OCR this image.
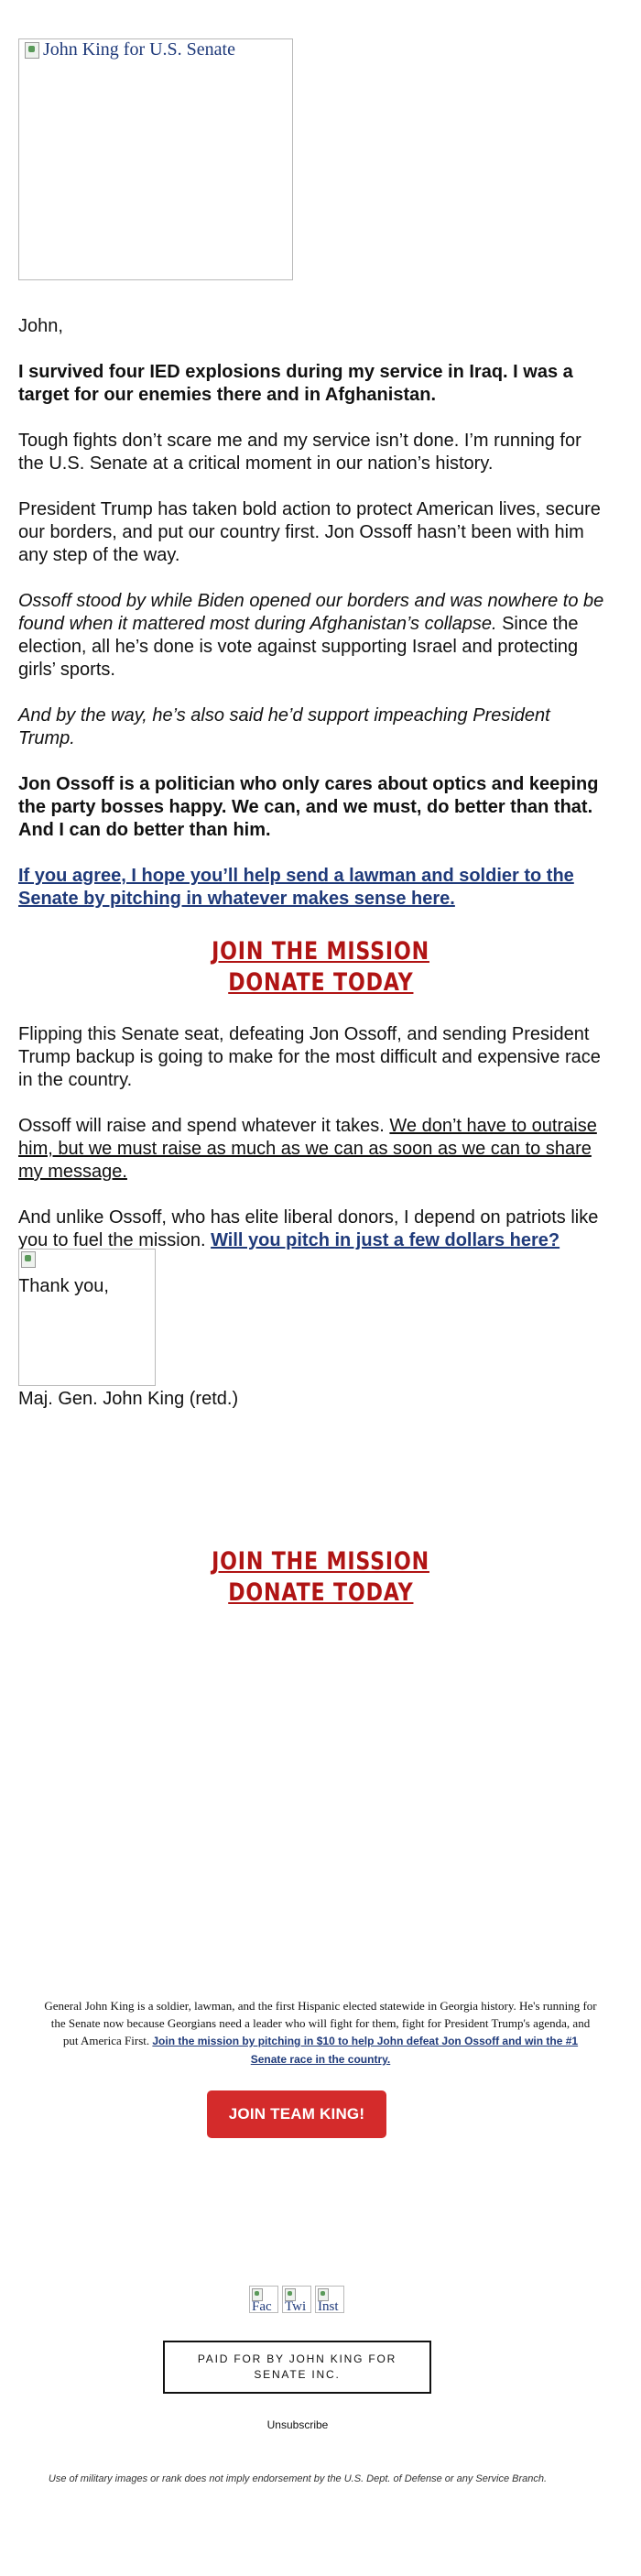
John King for U.S. Senate

John,

I survived four IED explosions during my service in Iraq. I was a target for our enemies there and in Afghanistan.

Tough fights don’t scare me and my service isn’t done. I’m running for the U.S. Senate at a critical moment in our nation’s history.

President Trump has taken bold action to protect American lives, secure our borders, and put our country first. Jon Ossoff hasn’t been with him any step of the way.

Ossoff stood by while Biden opened our borders and was nowhere to be found when it mattered most during Afghanistan’s collapse. Since the election, all he’s done is vote against supporting Israel and protecting girls’ sports.

And by the way, he’s also said he’d support impeaching President Trump.

Jon Ossoff is a politician who only cares about optics and keeping the party bosses happy. We can, and we must, do better than that. And I can do better than him.

If you agree, I hope you’ll help send a lawman and soldier to the Senate by pitching in whatever makes sense here.

JOIN THE MISSION
DONATE TODAY

Flipping this Senate seat, defeating Jon Ossoff, and sending President Trump backup is going to make for the most difficult and expensive race in the country.

Ossoff will raise and spend whatever it takes. We don’t have to outraise him, but we must raise as much as we can as soon as we can to share my message.

And unlike Ossoff, who has elite liberal donors, I depend on patriots like you to fuel the mission. Will you pitch in just a few dollars here?

Thank you,

Maj. Gen. John King (retd.)
JOIN THE MISSION
DONATE TODAY
General John King is a soldier, lawman, and the first Hispanic elected statewide in Georgia history. He's running for the Senate now because Georgians need a leader who will fight for them, fight for President Trump's agenda, and put America First. Join the mission by pitching in $10 to help John defeat Jon Ossoff and win the #1 Senate race in the country.
JOIN TEAM KING!
Fac Twi Inst
PAID FOR BY JOHN KING FOR SENATE INC.
Unsubscribe
Use of military images or rank does not imply endorsement by the U.S. Dept. of Defense or any Service Branch.
